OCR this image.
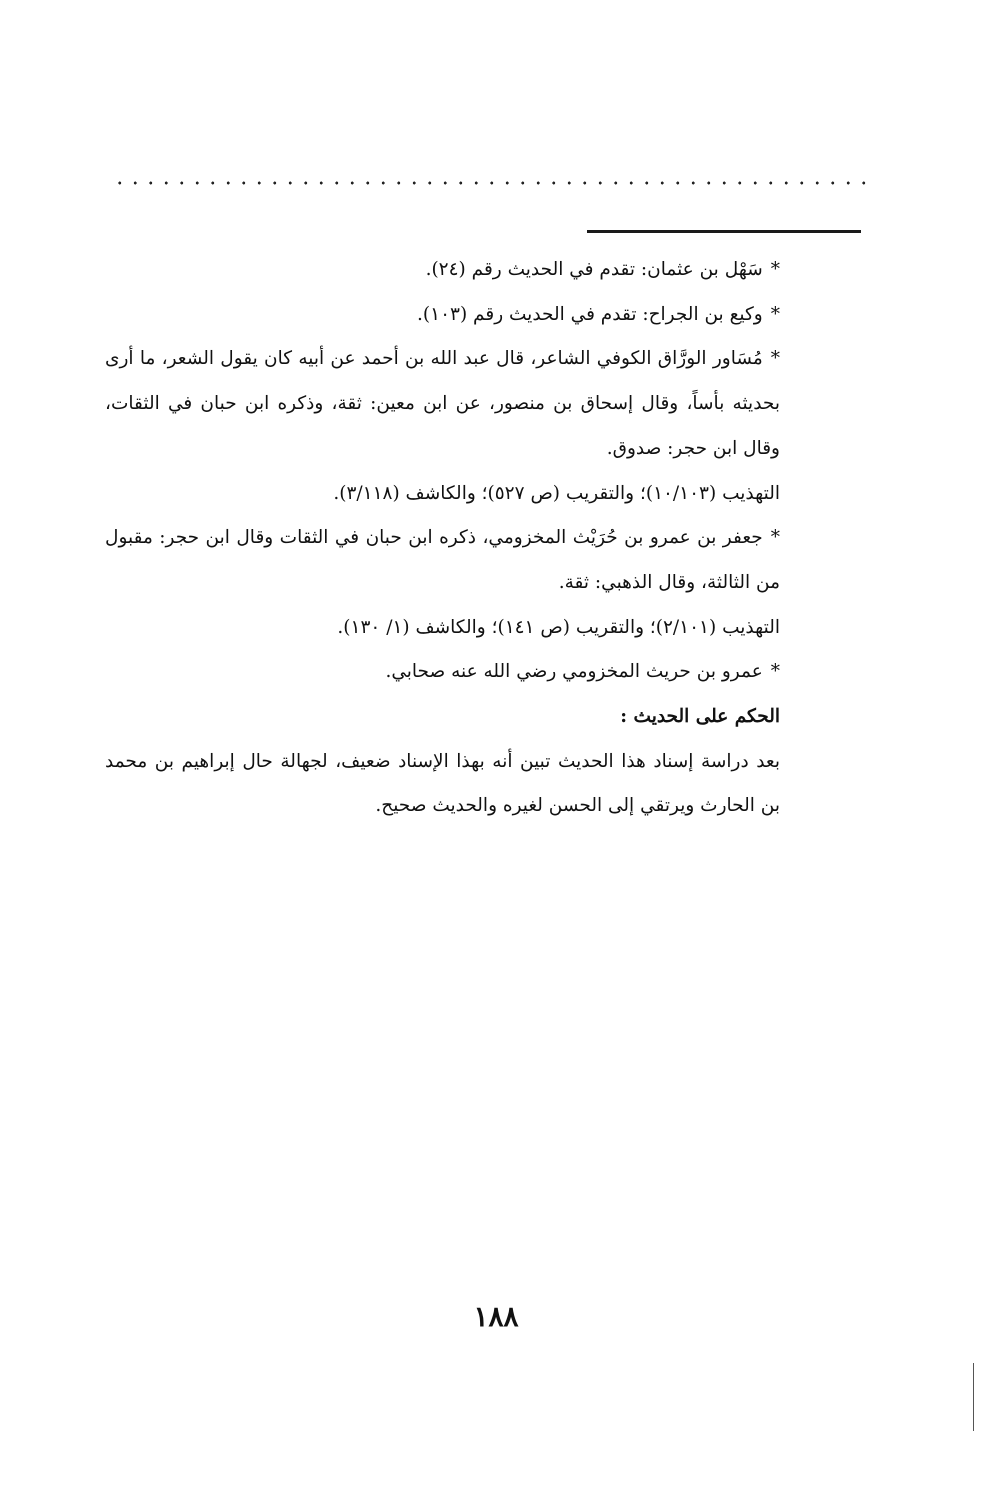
*سَهْل بن عثمان: تقدم في الحديث رقم (٢٤).

*وكيع بن الجراح: تقدم في الحديث رقم (١٠٣).

*مُسَاور الورَّاق الكوفي الشاعر، قال عبد الله بن أحمد عن أبيه كان يقول الشعر، ما أرى بحديثه بأساً، وقال إسحاق بن منصور، عن ابن معين: ثقة، وذكره ابن حبان في الثقات، وقال ابن حجر: صدوق.

التهذيب (١٠/١٠٣)؛ والتقريب (ص ٥٢٧)؛ والكاشف (٣/١١٨).

*جعفر بن عمرو بن حُرَيْث المخزومي، ذكره ابن حبان في الثقات وقال ابن حجر: مقبول من الثالثة، وقال الذهبي: ثقة.

التهذيب (٢/١٠١)؛ والتقريب (ص ١٤١)؛ والكاشف (١/ ١٣٠).

*عمرو بن حريث المخزومي رضي الله عنه صحابي.

الحكم على الحديث :

بعد دراسة إسناد هذا الحديث تبين أنه بهذا الإسناد ضعيف، لجهالة حال إبراهيم بن محمد بن الحارث ويرتقي إلى الحسن لغيره والحديث صحيح.

١٨٨
